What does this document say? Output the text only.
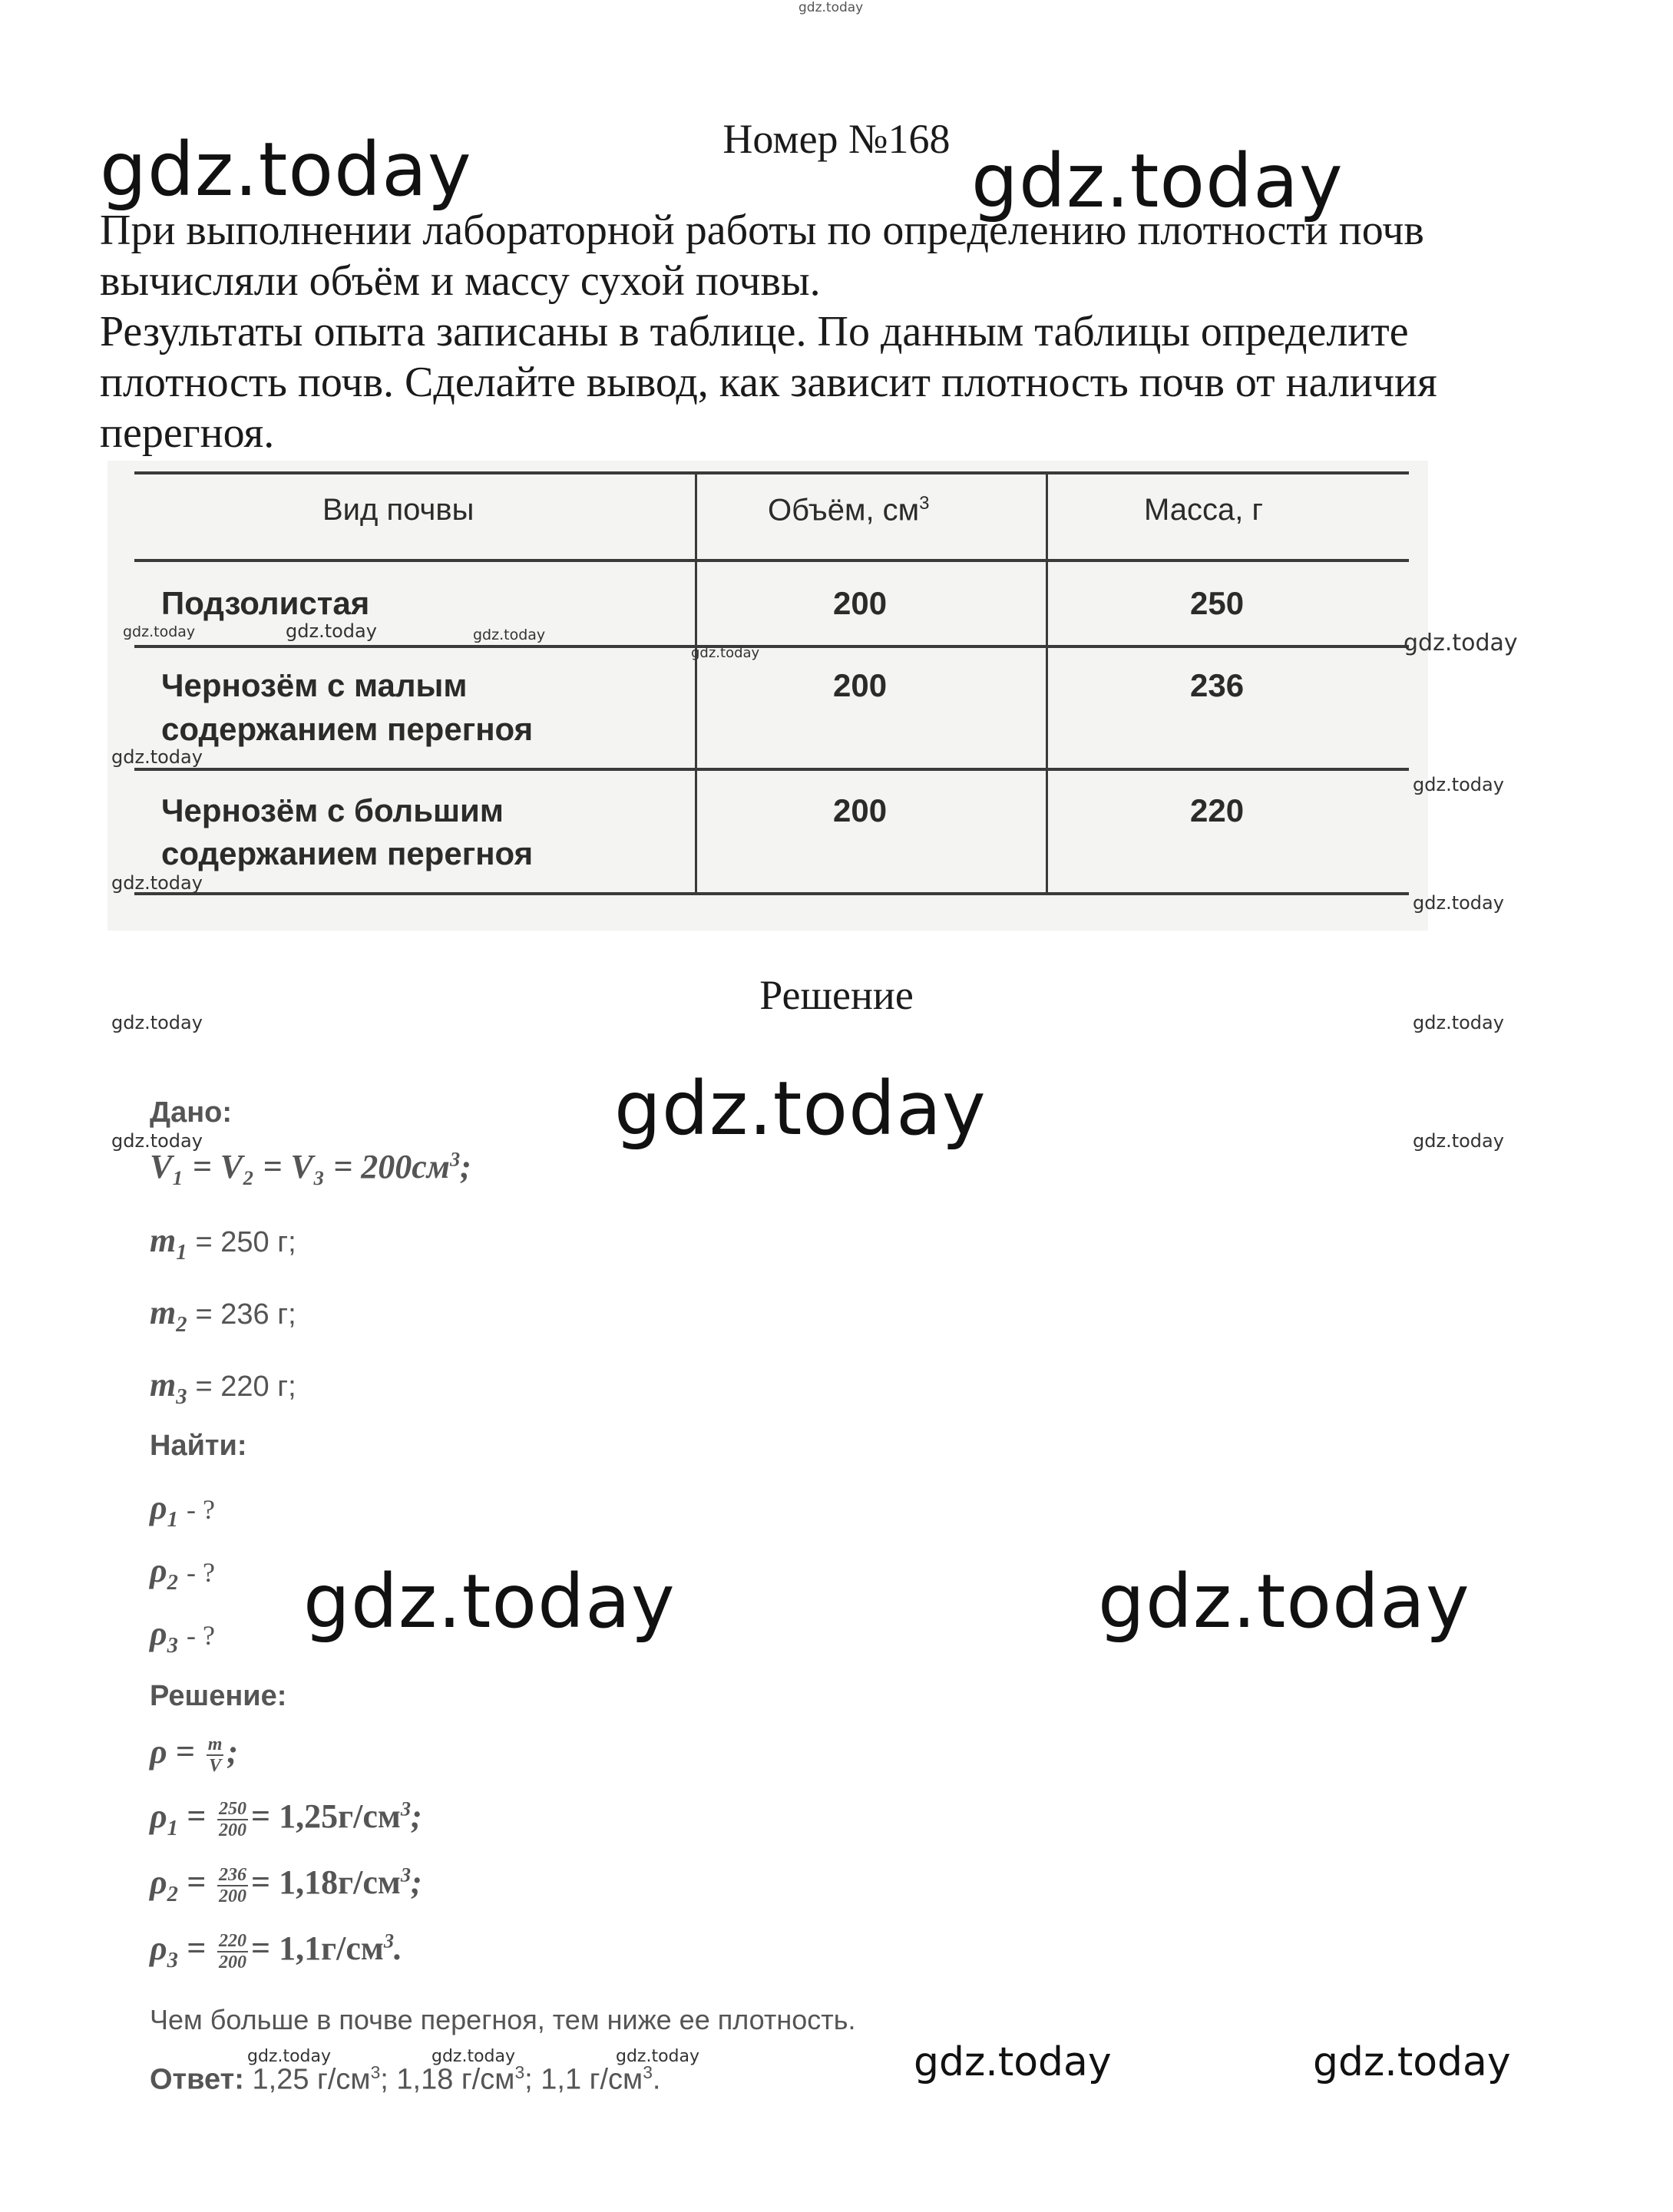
gdz.today
Номер №168
gdz.today	gdz.today
При выполнении лабораторной работы по определению плотности почв
вычисляли объём и массу сухой почвы.
Результаты опыта записаны в таблице. По данным таблицы определите
плотность почв. Сделайте вывод, как зависит плотность почв от наличия
перегноя.
Вид почвы	Объём, $см^3$	Масса, г
Подзолистая	200	250
Чернозём с малым
содержанием перегноя
200	236
Чернозём с большим
содержанием перегноя
200	220
gdz.today	gdz.today	gdz.today
gdz.today	gdz.today
gdz.today
gdz.today
gdz.today
gdz.today
Решение
gdz.today	gdz.today
gdz.today
gdz.today	gdz.today
Дано:
$V_1 = V_2 = V_3 = 200см^3$;
$m_1 = 250$ г;
$m_2 = 236$ г;
$m_3 = 220$ г;
Найти:
$\rho_1$ - ?
$\rho_2$ - ?
$\rho_3$ - ? gdz.today	gdz.today
Решение:
$\rho = \frac{m}{V}$ ;
$\rho_1 = \frac{250}{200} = 1,25г/см^3$;
$\rho_2 = \frac{236}{200} = 1,18г/см^3$;
$\rho_3 = \frac{220}{200} = 1,1г/см^3$.
Чем больше в почве перегноя, тем ниже ее плотность.
gdz.today	gdz.today	gdz.today
Ответ: 1,25 $г/см^3$; 1,18 $г/см^3$; 1,1 $г/см^3$.	gdz.today	gdz.today
